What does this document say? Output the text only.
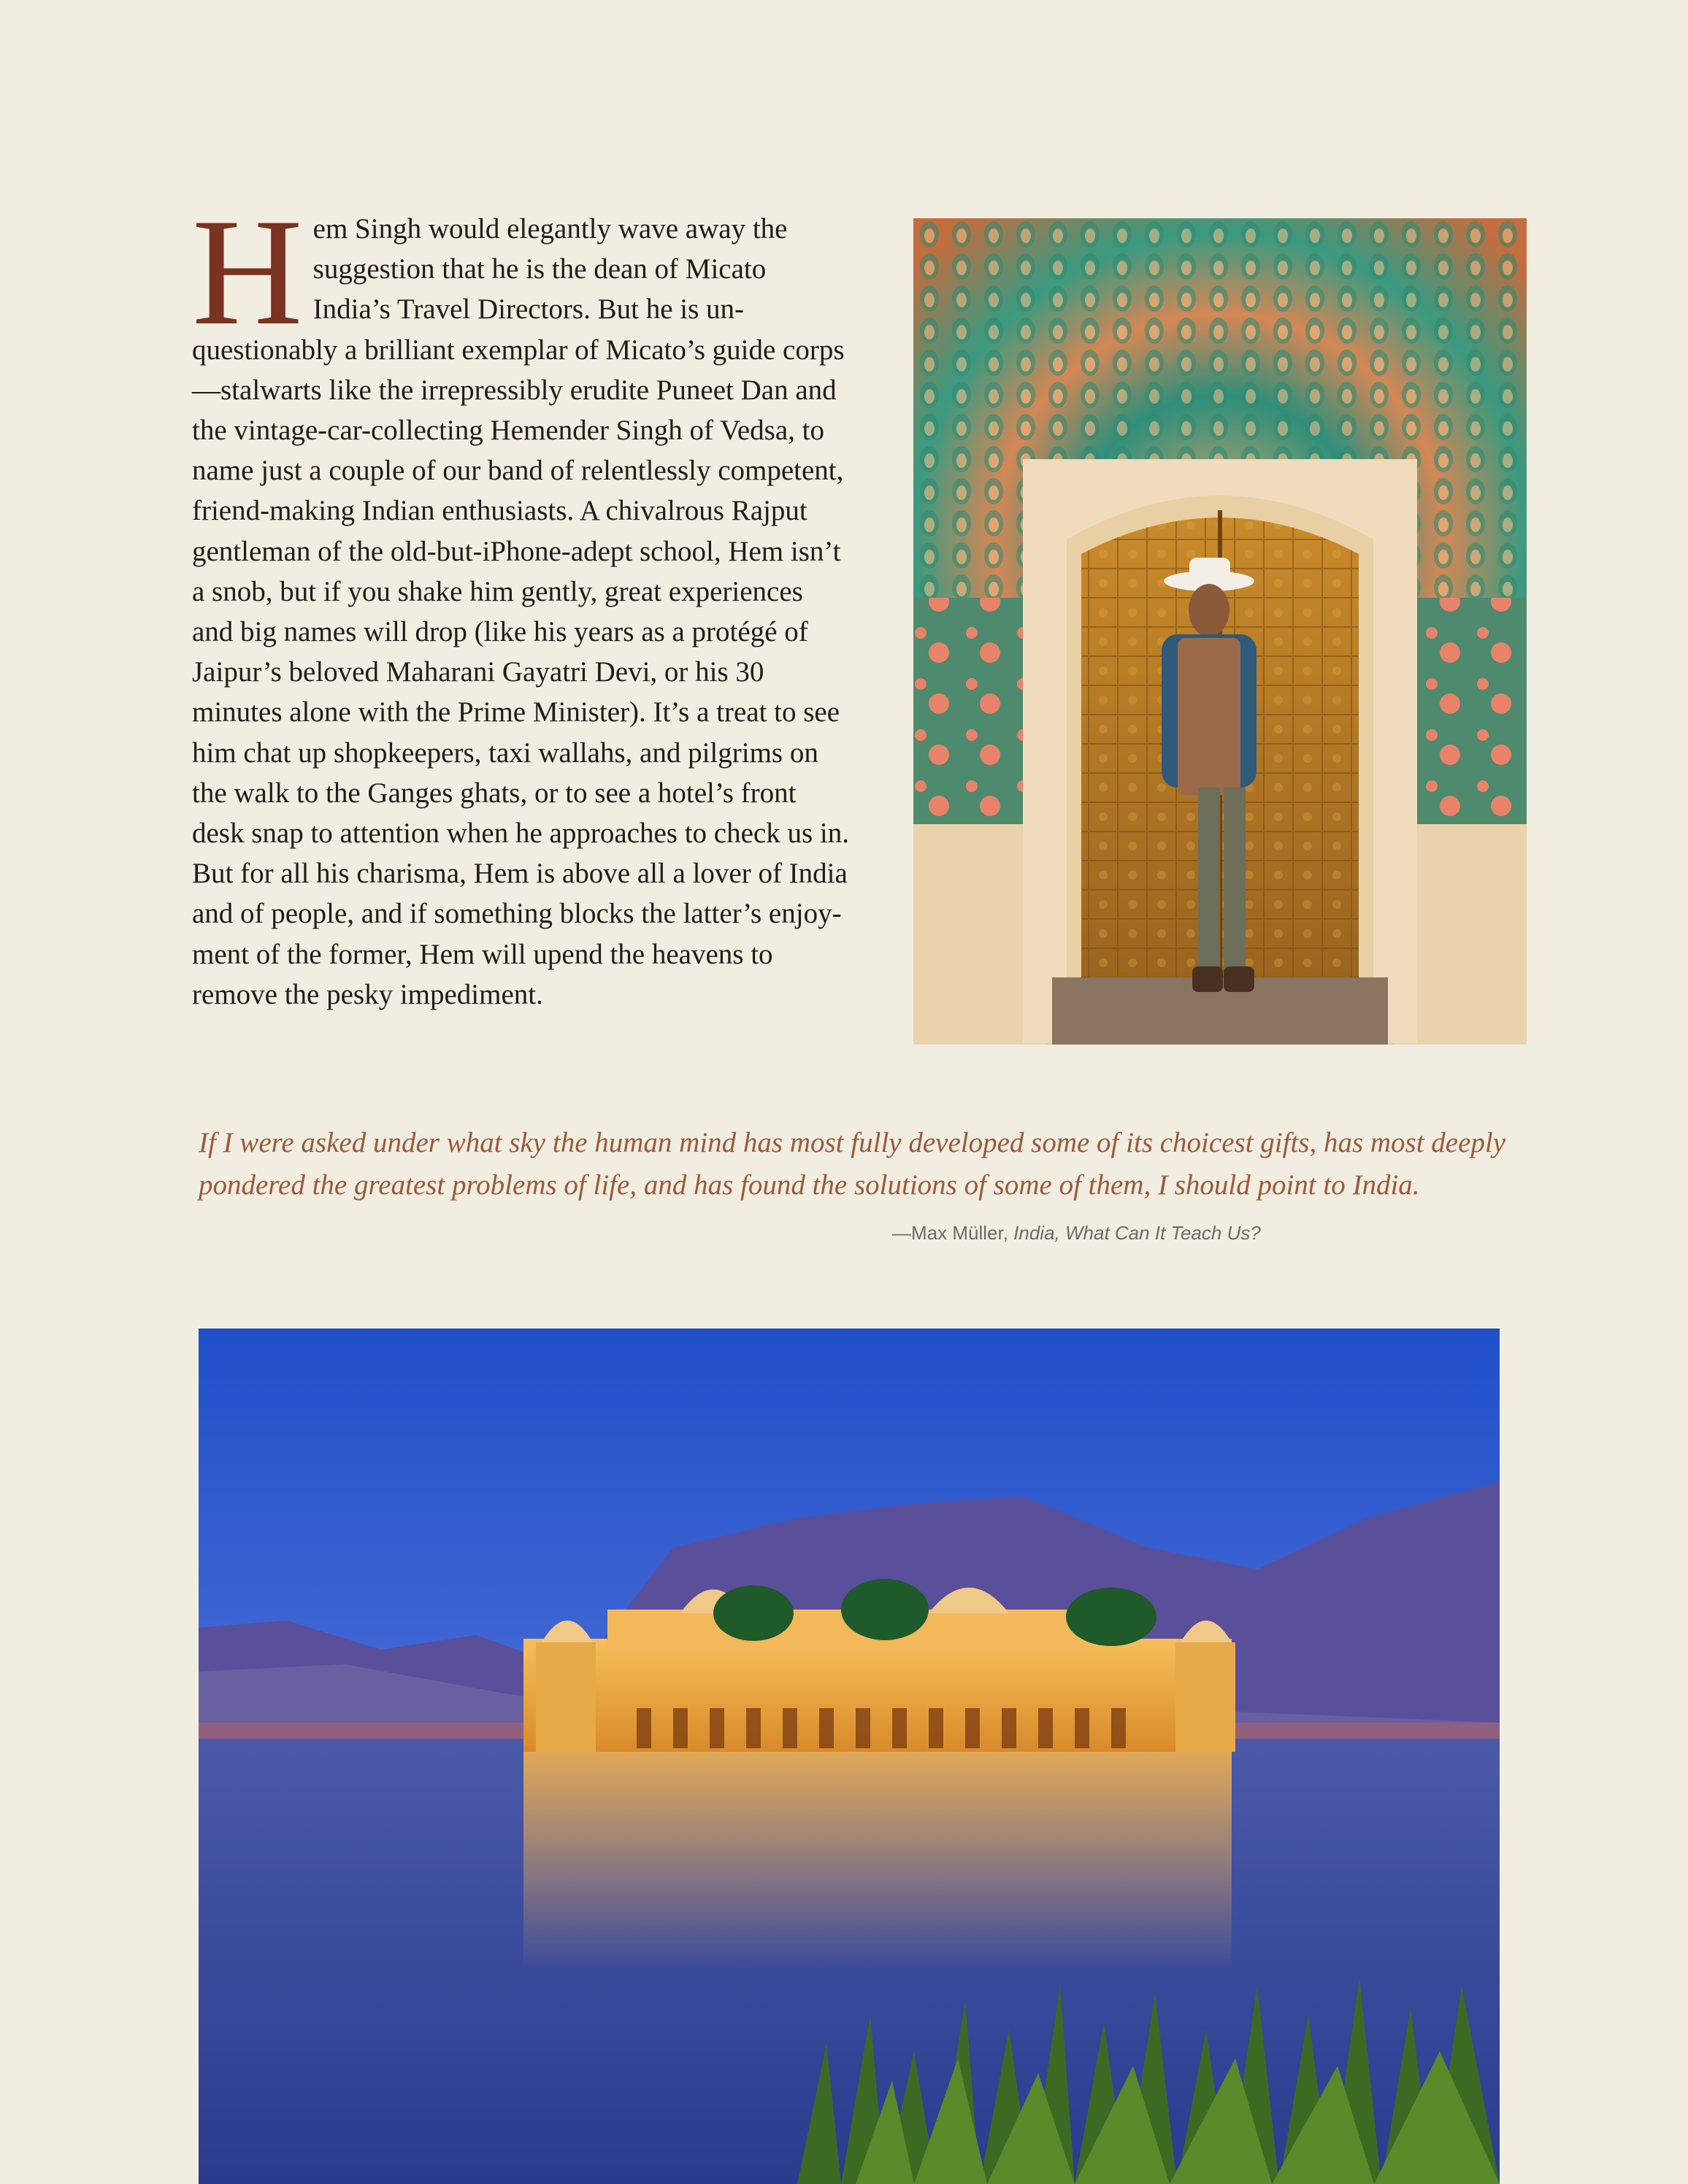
H em Singh would elegantly wave away the suggestion that he is the dean of Micato India’s Travel Directors. But he is unquestionably a brilliant exemplar of Micato’s guide corps—stalwarts like the irrepressibly erudite Puneet Dan and the vintage-car-collecting Hemender Singh of Vedsa, to name just a couple of our band of relentlessly competent, friend-making Indian enthusiasts. A chivalrous Rajput gentleman of the old-but-iPhone-adept school, Hem isn’t a snob, but if you shake him gently, great experiences and big names will drop (like his years as a protégé of Jaipur’s beloved Maharani Gayatri Devi, or his 30 minutes alone with the Prime Minister). It’s a treat to see him chat up shopkeepers, taxi wallahs, and pilgrims on the walk to the Ganges ghats, or to see a hotel’s front desk snap to attention when he approaches to check us in. But for all his charisma, Hem is above all a lover of India and of people, and if something blocks the latter’s enjoyment of the former, Hem will upend the heavens to remove the pesky impediment.

If I were asked under what sky the human mind has most fully developed some of its choicest gifts, has most deeply pondered the greatest problems of life, and has found the solutions of some of them, I should point to India.
—Max Müller, India, What Can It Teach Us?
